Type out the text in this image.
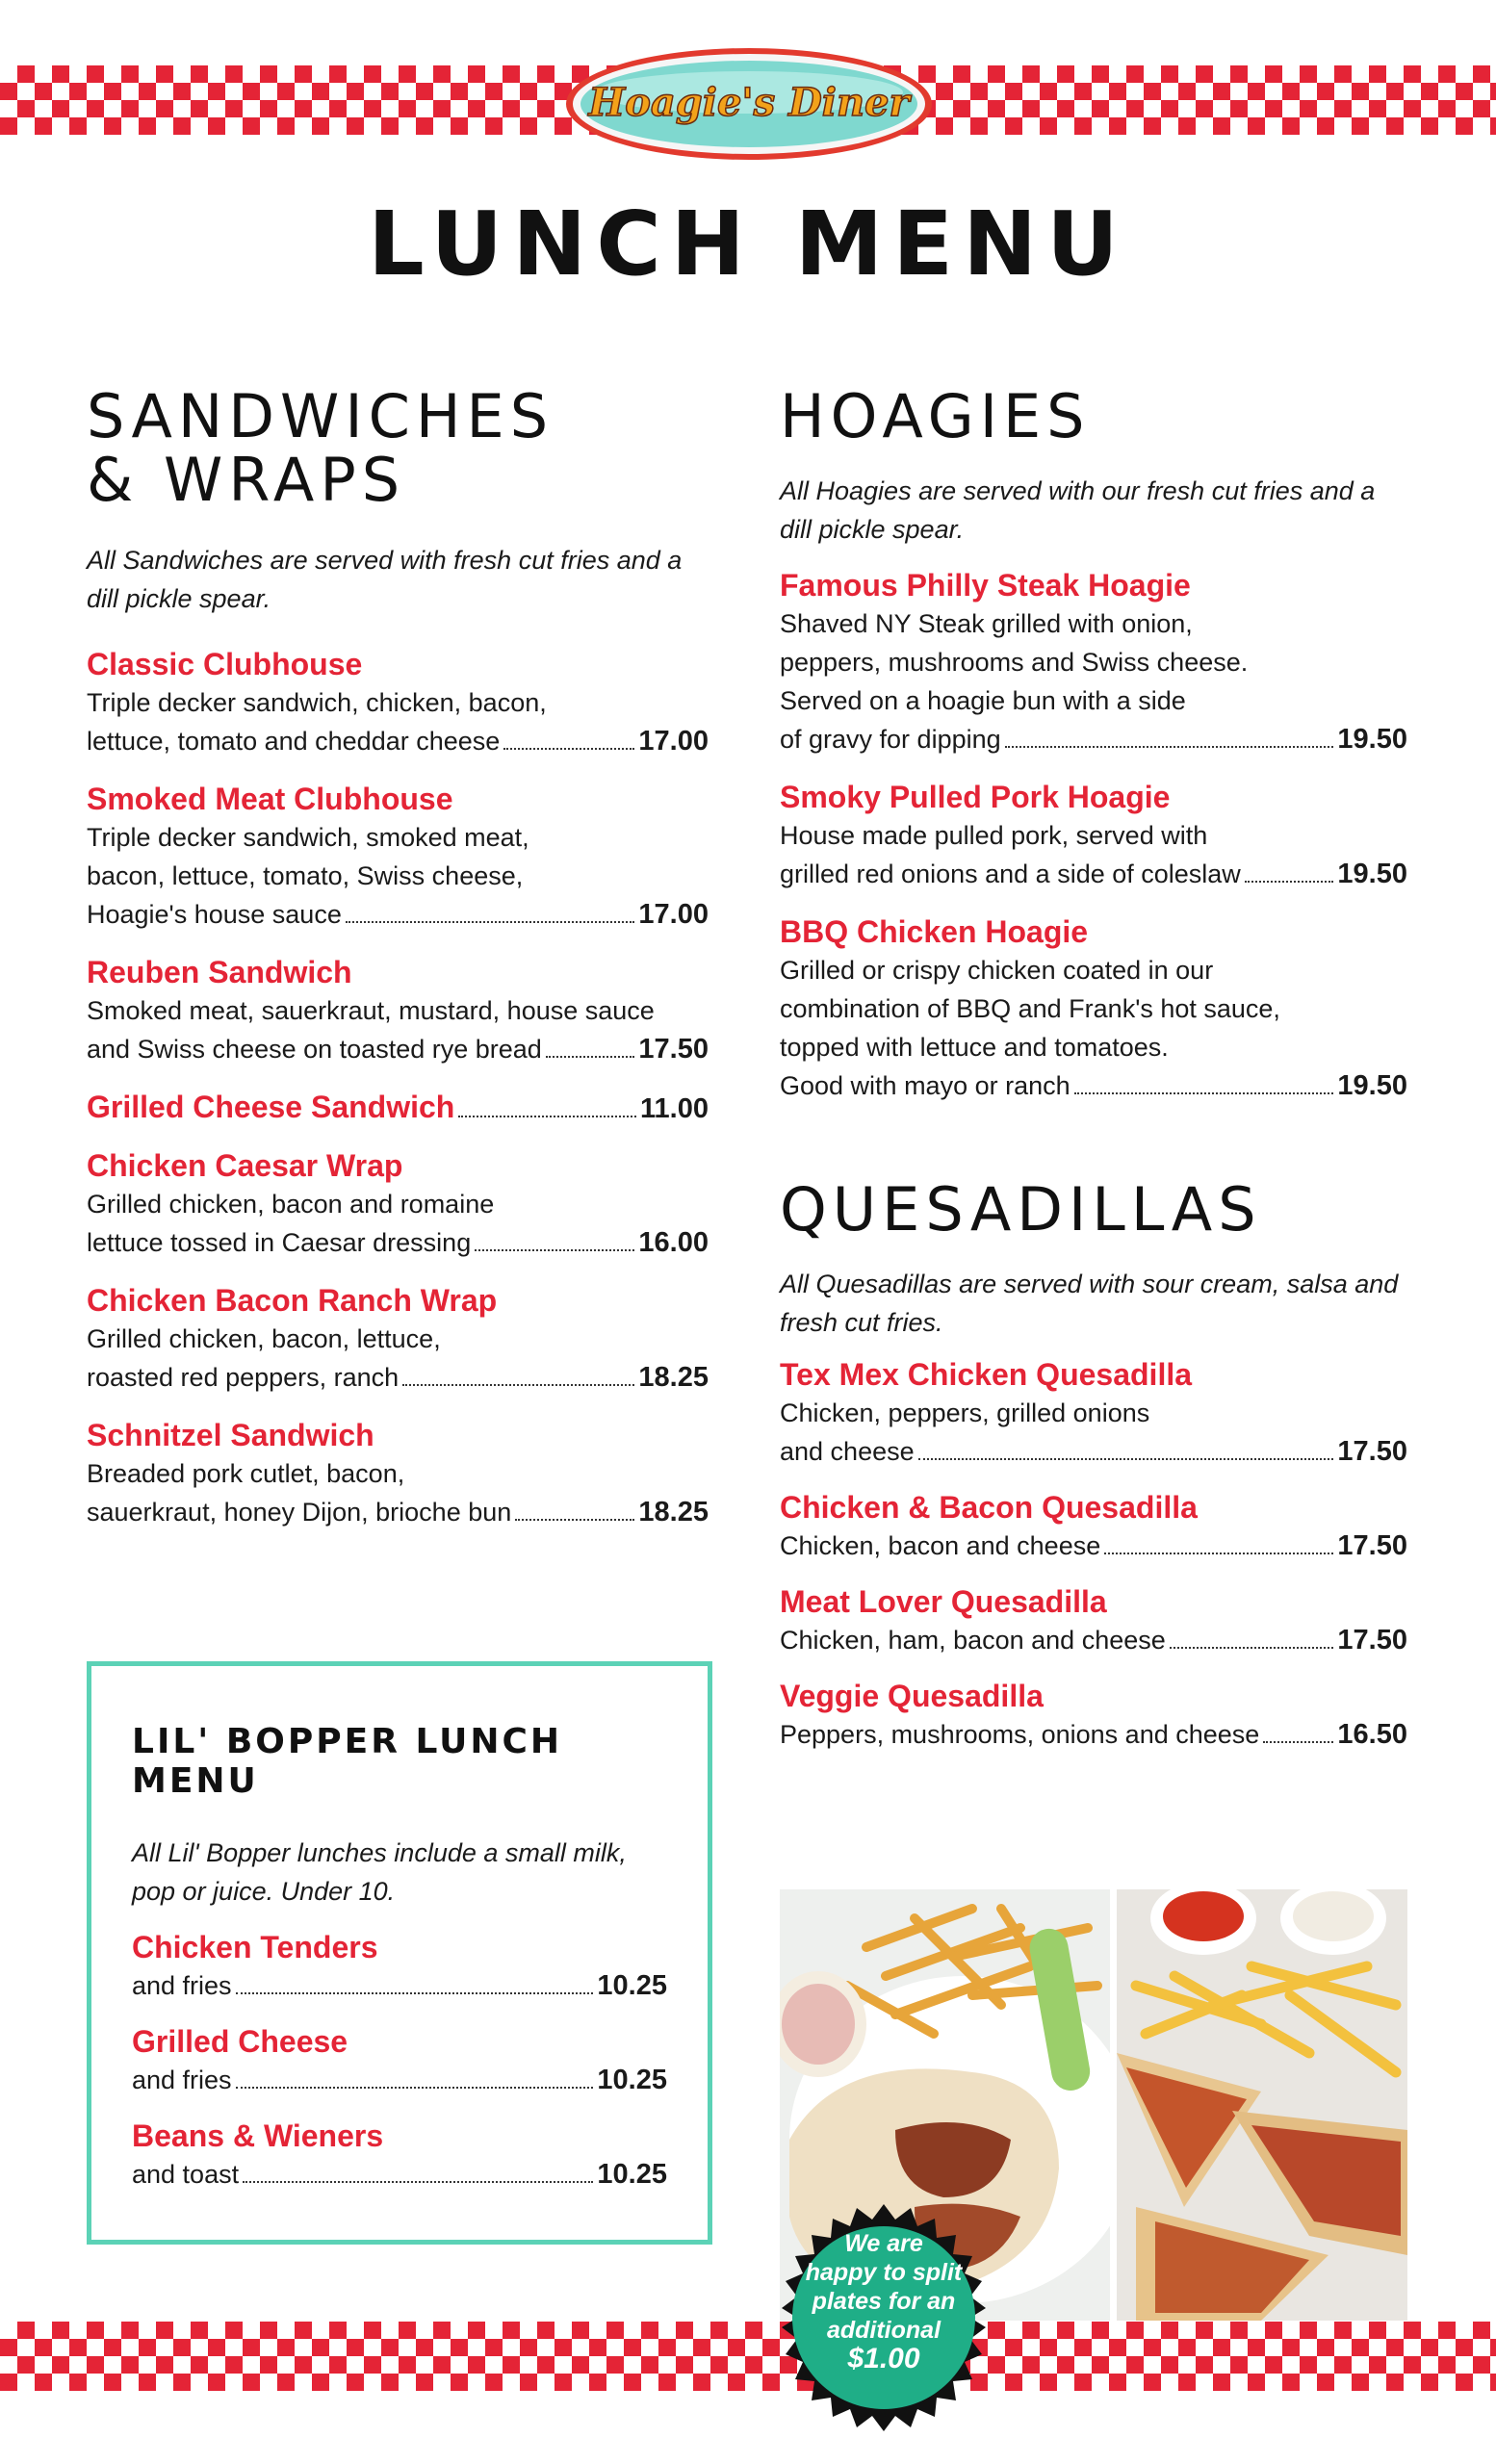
Hoagie's Diner
LUNCH MENU
SANDWICHES
& WRAPS
All Sandwiches are served with fresh cut fries and a dill pickle spear.
Classic Clubhouse
Triple decker sandwich, chicken, bacon,
lettuce, tomato and cheddar cheese	17.00
Smoked Meat Clubhouse
Triple decker sandwich, smoked meat, bacon, lettuce, tomato, Swiss cheese,
Hoagie's house sauce	17.00
Reuben Sandwich
Smoked meat, sauerkraut, mustard, house sauce
and Swiss cheese on toasted rye bread	17.50
Grilled Cheese Sandwich	11.00
Chicken Caesar Wrap
Grilled chicken, bacon and romaine
lettuce tossed in Caesar dressing	16.00
Chicken Bacon Ranch Wrap
Grilled chicken, bacon, lettuce,
roasted red peppers, ranch	18.25
Schnitzel Sandwich
Breaded pork cutlet, bacon,
sauerkraut, honey Dijon, brioche bun	18.25
LIL' BOPPER LUNCH MENU
All Lil' Bopper lunches include a small milk, pop or juice. Under 10.
Chicken Tenders
and fries	10.25
Grilled Cheese
and fries	10.25
Beans & Wieners
and toast	10.25
HOAGIES
All Hoagies are served with our fresh cut fries and a dill pickle spear.
Famous Philly Steak Hoagie
Shaved NY Steak grilled with onion, peppers, mushrooms and Swiss cheese. Served on a hoagie bun with a side
of gravy for dipping	19.50
Smoky Pulled Pork Hoagie
House made pulled pork, served with
grilled red onions and a side of coleslaw	19.50
BBQ Chicken Hoagie
Grilled or crispy chicken coated in our combination of BBQ and Frank's hot sauce, topped with lettuce and tomatoes.
Good with mayo or ranch	19.50
QUESADILLAS
All Quesadillas are served with sour cream, salsa and fresh cut fries.
Tex Mex Chicken Quesadilla
Chicken, peppers, grilled onions
and cheese	17.50
Chicken & Bacon Quesadilla
Chicken, bacon and cheese	17.50
Meat Lover Quesadilla
Chicken, ham, bacon and cheese	17.50
Veggie Quesadilla
Peppers, mushrooms, onions and cheese	16.50
We are
happy to split
plates for an
additional
$1.00
